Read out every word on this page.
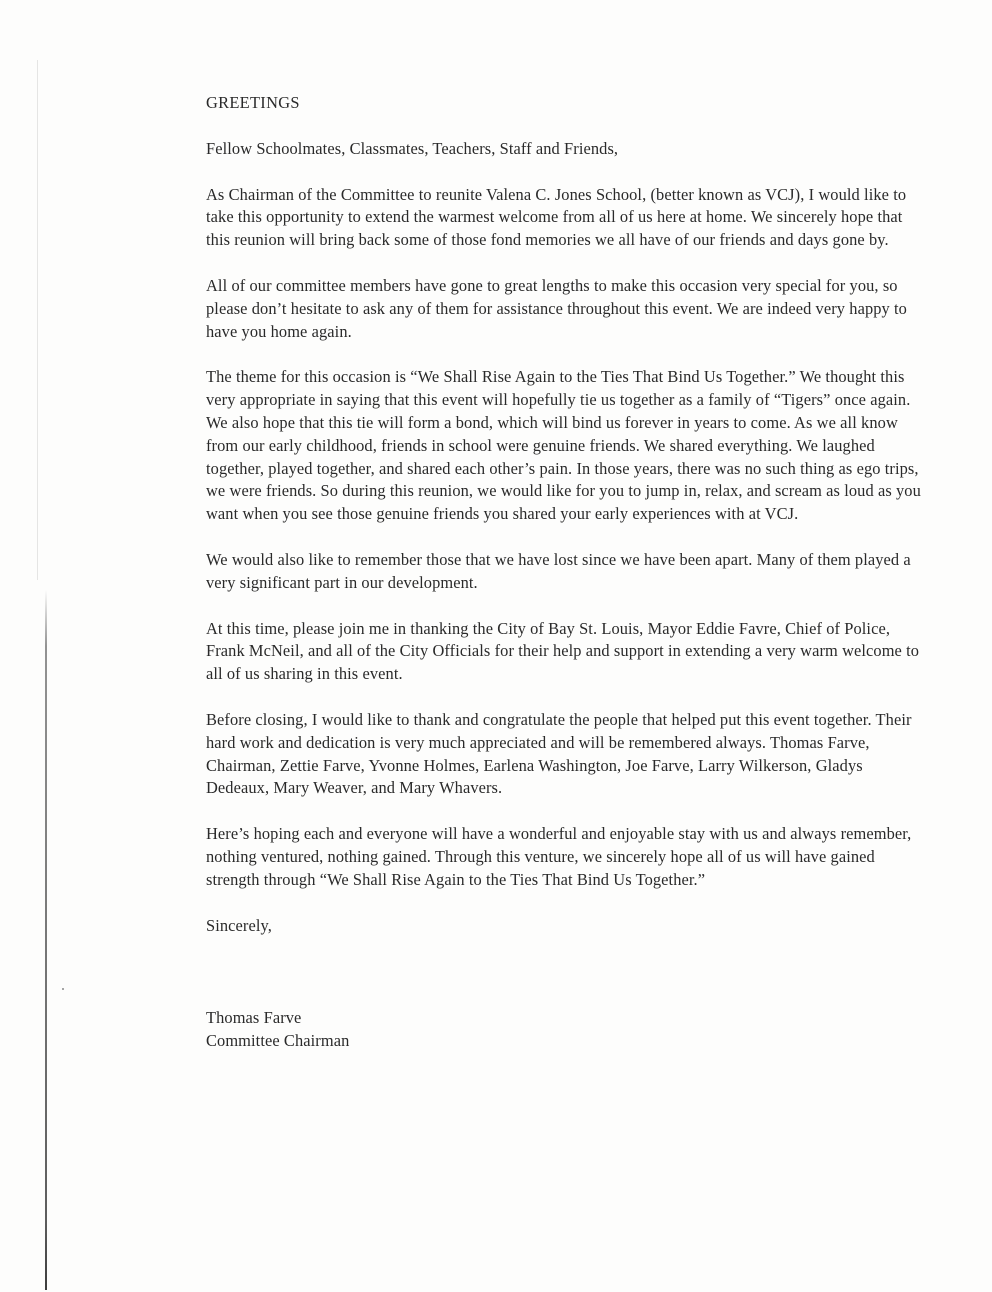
GREETINGS

Fellow Schoolmates, Classmates, Teachers, Staff and Friends,

As Chairman of the Committee to reunite Valena C. Jones School, (better known as VCJ), I would like to take this opportunity to extend the warmest welcome from all of us here at home. We sincerely hope that this reunion will bring back some of those fond memories we all have of our friends and days gone by.

All of our committee members have gone to great lengths to make this occasion very special for you, so please don’t hesitate to ask any of them for assistance throughout this event. We are indeed very happy to have you home again.

The theme for this occasion is “We Shall Rise Again to the Ties That Bind Us Together.” We thought this very appropriate in saying that this event will hopefully tie us together as a family of “Tigers” once again. We also hope that this tie will form a bond, which will bind us forever in years to come. As we all know from our early childhood, friends in school were genuine friends. We shared everything. We laughed together, played together, and shared each other’s pain. In those years, there was no such thing as ego trips, we were friends. So during this reunion, we would like for you to jump in, relax, and scream as loud as you want when you see those genuine friends you shared your early experiences with at VCJ.

We would also like to remember those that we have lost since we have been apart. Many of them played a very significant part in our development.

At this time, please join me in thanking the City of Bay St. Louis, Mayor Eddie Favre, Chief of Police, Frank McNeil, and all of the City Officials for their help and support in extending a very warm welcome to all of us sharing in this event.

Before closing, I would like to thank and congratulate the people that helped put this event together. Their hard work and dedication is very much appreciated and will be remembered always. Thomas Farve, Chairman, Zettie Farve, Yvonne Holmes, Earlena Washington, Joe Farve, Larry Wilkerson, Gladys Dedeaux, Mary Weaver, and Mary Whavers.

Here’s hoping each and everyone will have a wonderful and enjoyable stay with us and always remember, nothing ventured, nothing gained. Through this venture, we sincerely hope all of us will have gained strength through “We Shall Rise Again to the Ties That Bind Us Together.”

Sincerely,

Thomas Farve
Committee Chairman
